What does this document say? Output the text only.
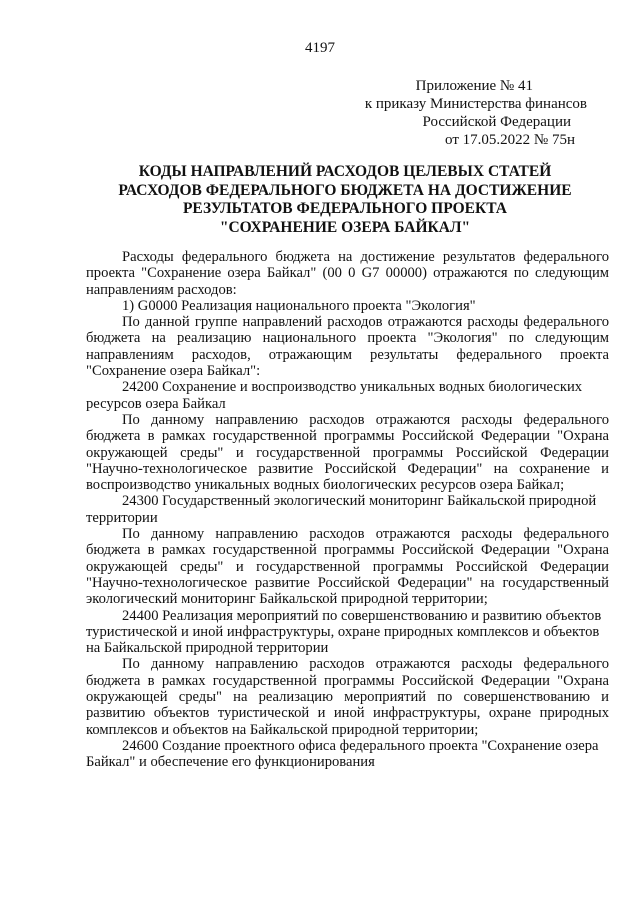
4197
Приложение № 41
к приказу Министерства финансов
Российской Федерации
от 17.05.2022 № 75н
КОДЫ НАПРАВЛЕНИЙ РАСХОДОВ ЦЕЛЕВЫХ СТАТЕЙ
РАСХОДОВ ФЕДЕРАЛЬНОГО БЮДЖЕТА НА ДОСТИЖЕНИЕ
РЕЗУЛЬТАТОВ ФЕДЕРАЛЬНОГО ПРОЕКТА
"СОХРАНЕНИЕ ОЗЕРА БАЙКАЛ"

Расходы федерального бюджета на достижение результатов федерального проекта "Сохранение озера Байкал" (00 0 G7 00000) отражаются по следующим направлениям расходов:

1) G0000 Реализация национального проекта "Экология"

По данной группе направлений расходов отражаются расходы федерального бюджета на реализацию национального проекта "Экология" по следующим направлениям расходов, отражающим результаты федерального проекта "Сохранение озера Байкал":

24200 Сохранение и воспроизводство уникальных водных биологических ресурсов озера Байкал

По данному направлению расходов отражаются расходы федерального бюджета в рамках государственной программы Российской Федерации "Охрана окружающей среды" и государственной программы Российской Федерации "Научно-технологическое развитие Российской Федерации" на сохранение и воспроизводство уникальных водных биологических ресурсов озера Байкал;

24300 Государственный экологический мониторинг Байкальской природной территории

По данному направлению расходов отражаются расходы федерального бюджета в рамках государственной программы Российской Федерации "Охрана окружающей среды" и государственной программы Российской Федерации "Научно-технологическое развитие Российской Федерации" на государственный экологический мониторинг Байкальской природной территории;

24400 Реализация мероприятий по совершенствованию и развитию объектов туристической и иной инфраструктуры, охране природных комплексов и объектов на Байкальской природной территории

По данному направлению расходов отражаются расходы федерального бюджета в рамках государственной программы Российской Федерации "Охрана окружающей среды" на реализацию мероприятий по совершенствованию и развитию объектов туристической и иной инфраструктуры, охране природных комплексов и объектов на Байкальской природной территории;

24600 Создание проектного офиса федерального проекта "Сохранение озера Байкал" и обеспечение его функционирования
